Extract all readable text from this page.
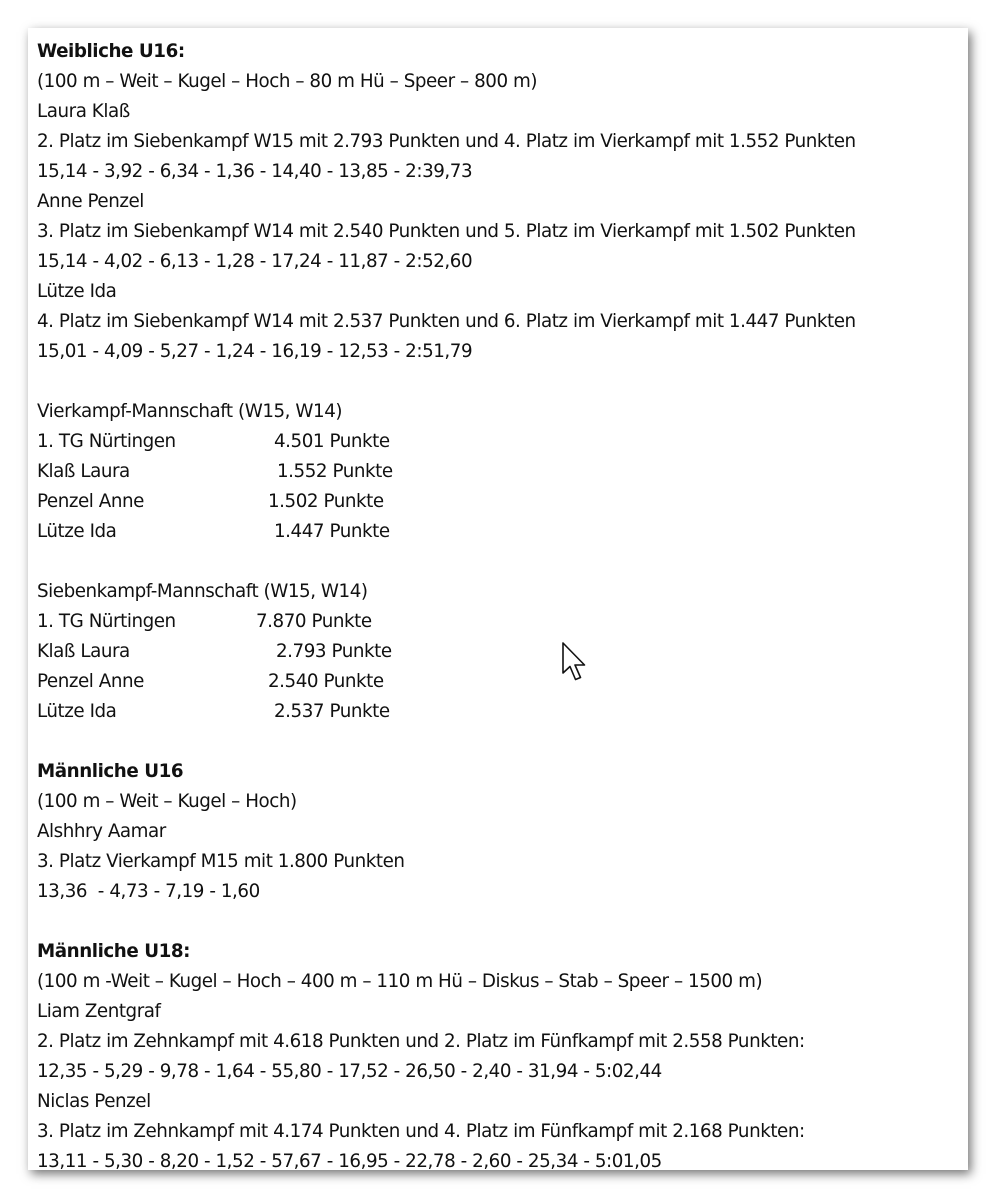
Weibliche U16:
(100 m – Weit – Kugel – Hoch – 80 m Hü – Speer – 800 m)
Laura Klaß
2. Platz im Siebenkampf W15 mit 2.793 Punkten und 4. Platz im Vierkampf mit 1.552 Punkten
15,14 - 3,92 - 6,34 - 1,36 - 14,40 - 13,85 - 2:39,73
Anne Penzel
3. Platz im Siebenkampf W14 mit 2.540 Punkten und 5. Platz im Vierkampf mit 1.502 Punkten
15,14 - 4,02 - 6,13 - 1,28 - 17,24 - 11,87 - 2:52,60
Lütze Ida
4. Platz im Siebenkampf W14 mit 2.537 Punkten und 6. Platz im Vierkampf mit 1.447 Punkten
15,01 - 4,09 - 5,27 - 1,24 - 16,19 - 12,53 - 2:51,79
Vierkampf-Mannschaft (W15, W14)
1. TG Nürtingen	4.501 Punkte
Klaß Laura	1.552 Punkte
Penzel Anne	1.502 Punkte
Lütze Ida	1.447 Punkte
Siebenkampf-Mannschaft (W15, W14)
1. TG Nürtingen	7.870 Punkte
Klaß Laura	2.793 Punkte
Penzel Anne	2.540 Punkte
Lütze Ida	2.537 Punkte
Männliche U16
(100 m – Weit – Kugel – Hoch)
Alshhry Aamar
3. Platz Vierkampf M15 mit 1.800 Punkten
13,36  - 4,73 - 7,19 - 1,60
Männliche U18:
(100 m -Weit – Kugel – Hoch – 400 m – 110 m Hü – Diskus – Stab – Speer – 1500 m)
Liam Zentgraf
2. Platz im Zehnkampf mit 4.618 Punkten und 2. Platz im Fünfkampf mit 2.558 Punkten:
12,35 - 5,29 - 9,78 - 1,64 - 55,80 - 17,52 - 26,50 - 2,40 - 31,94 - 5:02,44
Niclas Penzel
3. Platz im Zehnkampf mit 4.174 Punkten und 4. Platz im Fünfkampf mit 2.168 Punkten:
13,11 - 5,30 - 8,20 - 1,52 - 57,67 - 16,95 - 22,78 - 2,60 - 25,34 - 5:01,05
